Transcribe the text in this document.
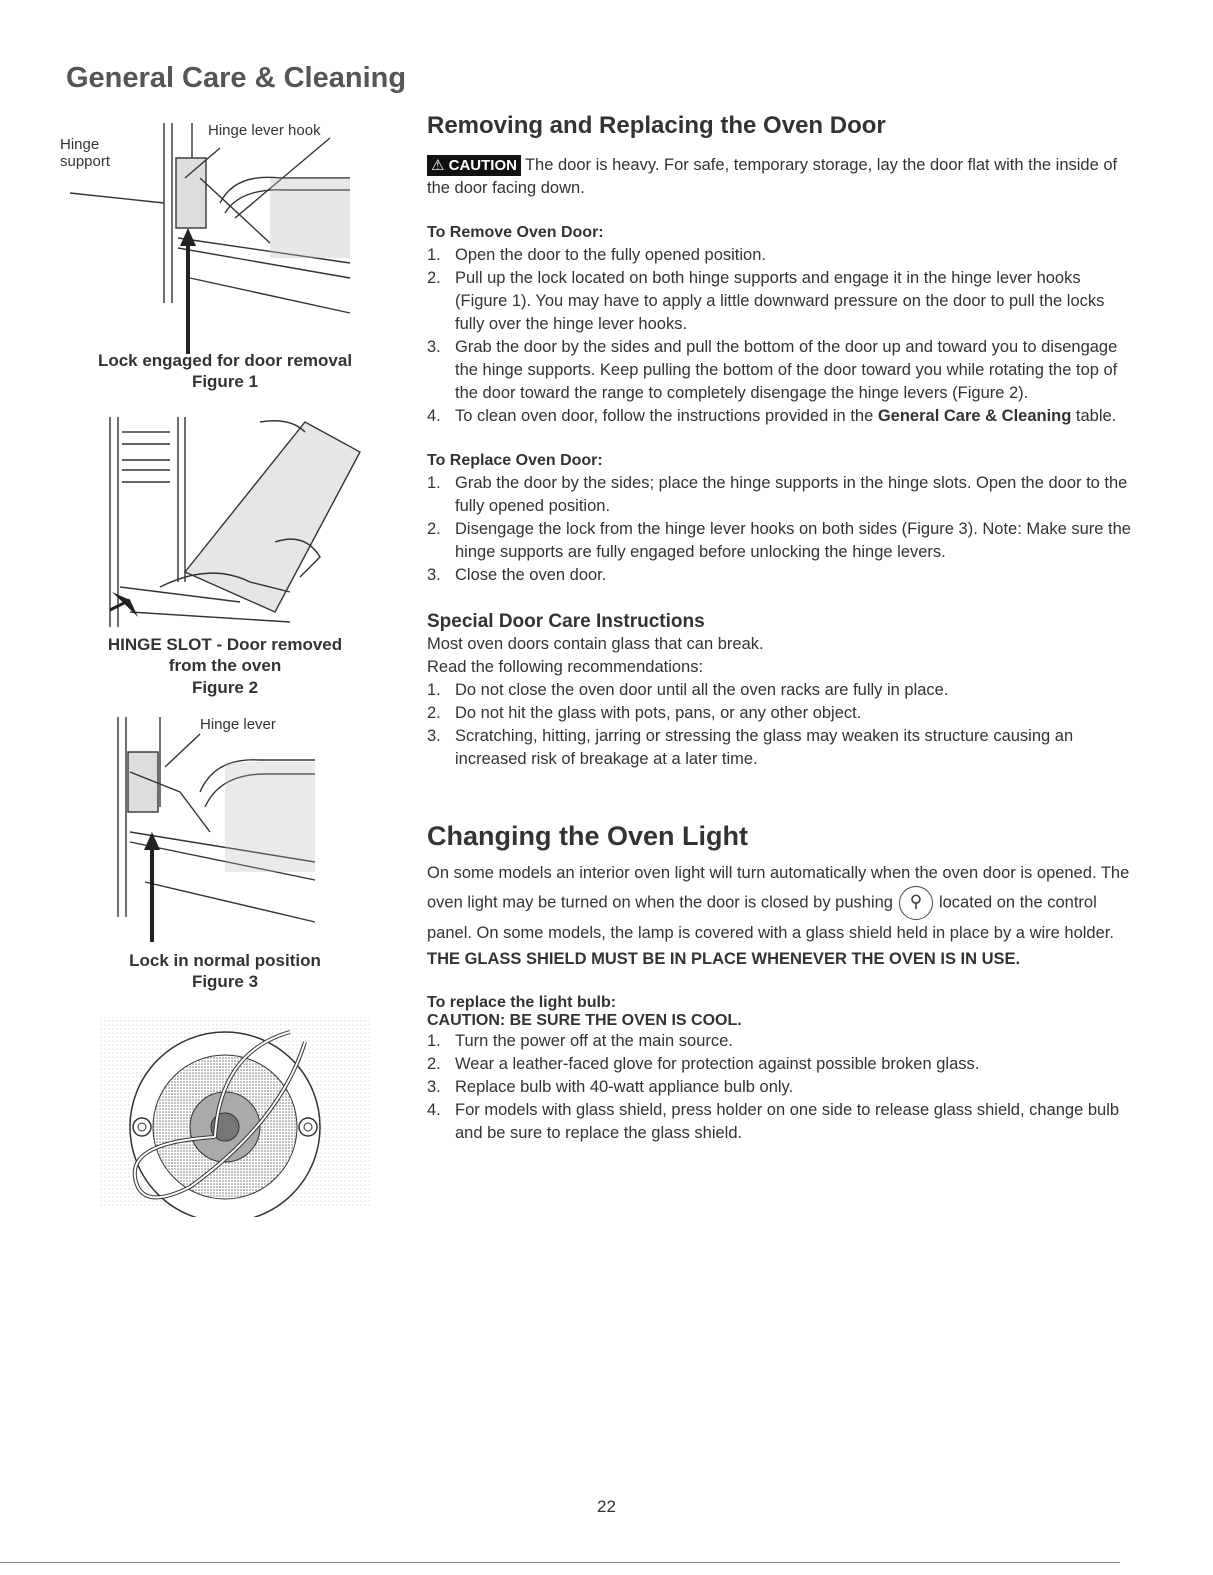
General Care & Cleaning
Hinge support
Hinge lever hook
Lock engaged for door removal
Figure 1
HINGE SLOT - Door removed
from the oven
Figure 2
Hinge lever
Lock in normal position
Figure 3
Removing and Replacing the Oven Door

⚠ CAUTION The door is heavy. For safe, temporary storage, lay the door flat with the inside of the door facing down.

To Remove Oven Door:
1. Open the door to the fully opened position.
2. Pull up the lock located on both hinge supports and engage it in the hinge lever hooks (Figure 1). You may have to apply a little downward pressure on the door to pull the locks fully over the hinge lever hooks.
3. Grab the door by the sides and pull the bottom of the door up and toward you to disengage the hinge supports. Keep pulling the bottom of the door toward you while rotating the top of the door toward the range to completely disengage the hinge levers (Figure 2).
4. To clean oven door, follow the instructions provided in the General Care & Cleaning table.
To Replace Oven Door:
1. Grab the door by the sides; place the hinge supports in the hinge slots. Open the door to the fully opened position.
2. Disengage the lock from the hinge lever hooks on both sides (Figure 3). Note: Make sure the hinge supports are fully engaged before unlocking the hinge levers.
3. Close the oven door.
Special Door Care Instructions

Most oven doors contain glass that can break.

Read the following recommendations:

1. Do not close the oven door until all the oven racks are fully in place.
2. Do not hit the glass with pots, pans, or any other object.
3. Scratching, hitting, jarring or stressing the glass may weaken its structure causing an increased risk of breakage at a later time.
Changing the Oven Light

On some models an interior oven light will turn automatically when the oven door is opened. The oven light may be turned on when the door is closed by pushing ⚲ located on the control panel. On some models, the lamp is covered with a glass shield held in place by a wire holder. THE GLASS SHIELD MUST BE IN PLACE WHENEVER THE OVEN IS IN USE.

To replace the light bulb:
CAUTION: BE SURE THE OVEN IS COOL.
1. Turn the power off at the main source.
2. Wear a leather-faced glove for protection against possible broken glass.
3. Replace bulb with 40-watt appliance bulb only.
4. For models with glass shield, press holder on one side to release glass shield, change bulb and be sure to replace the glass shield.
22
